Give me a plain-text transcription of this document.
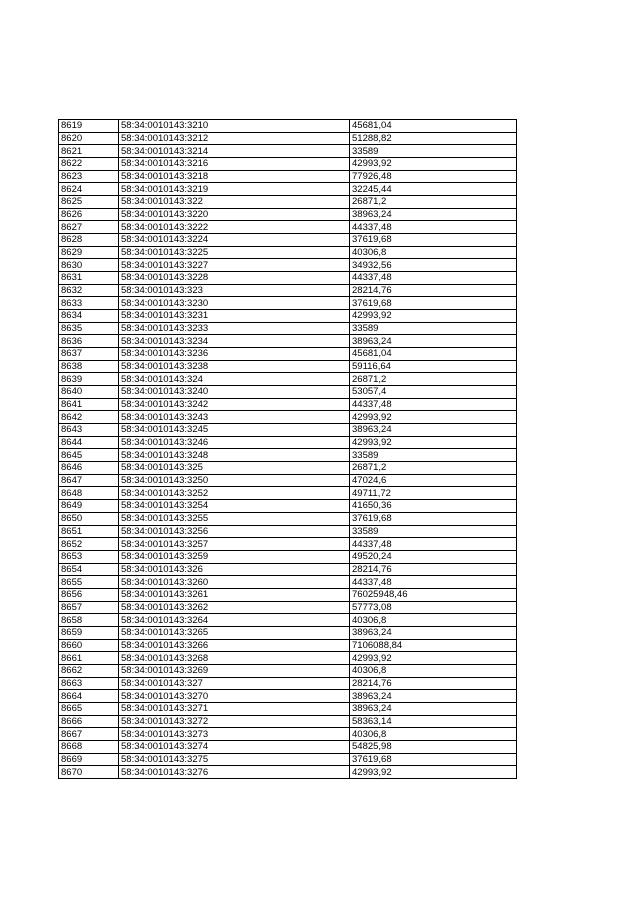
8619	58:34:0010143:3210	45681,04
8620	58:34:0010143:3212	51288,82
8621	58:34:0010143:3214	33589
8622	58:34:0010143:3216	42993,92
8623	58:34:0010143:3218	77926,48
8624	58:34:0010143:3219	32245,44
8625	58:34:0010143:322	26871,2
8626	58:34:0010143:3220	38963,24
8627	58:34:0010143:3222	44337,48
8628	58:34:0010143:3224	37619,68
8629	58:34:0010143:3225	40306,8
8630	58:34:0010143:3227	34932,56
8631	58:34:0010143:3228	44337,48
8632	58:34:0010143:323	28214,76
8633	58:34:0010143:3230	37619,68
8634	58:34:0010143:3231	42993,92
8635	58:34:0010143:3233	33589
8636	58:34:0010143:3234	38963,24
8637	58:34:0010143:3236	45681,04
8638	58:34:0010143:3238	59116,64
8639	58:34:0010143:324	26871,2
8640	58:34:0010143:3240	53057,4
8641	58:34:0010143:3242	44337,48
8642	58:34:0010143:3243	42993,92
8643	58:34:0010143:3245	38963,24
8644	58:34:0010143:3246	42993,92
8645	58:34:0010143:3248	33589
8646	58:34:0010143:325	26871,2
8647	58:34:0010143:3250	47024,6
8648	58:34:0010143:3252	49711,72
8649	58:34:0010143:3254	41650,36
8650	58:34:0010143:3255	37619,68
8651	58:34:0010143:3256	33589
8652	58:34:0010143:3257	44337,48
8653	58:34:0010143:3259	49520,24
8654	58:34:0010143:326	28214,76
8655	58:34:0010143:3260	44337,48
8656	58:34:0010143:3261	76025948,46
8657	58:34:0010143:3262	57773,08
8658	58:34:0010143:3264	40306,8
8659	58:34:0010143:3265	38963,24
8660	58:34:0010143:3266	7106088,84
8661	58:34:0010143:3268	42993,92
8662	58:34:0010143:3269	40306,8
8663	58:34:0010143:327	28214,76
8664	58:34:0010143:3270	38963,24
8665	58:34:0010143:3271	38963,24
8666	58:34:0010143:3272	58363,14
8667	58:34:0010143:3273	40306,8
8668	58:34:0010143:3274	54825,98
8669	58:34:0010143:3275	37619,68
8670	58:34:0010143:3276	42993,92
